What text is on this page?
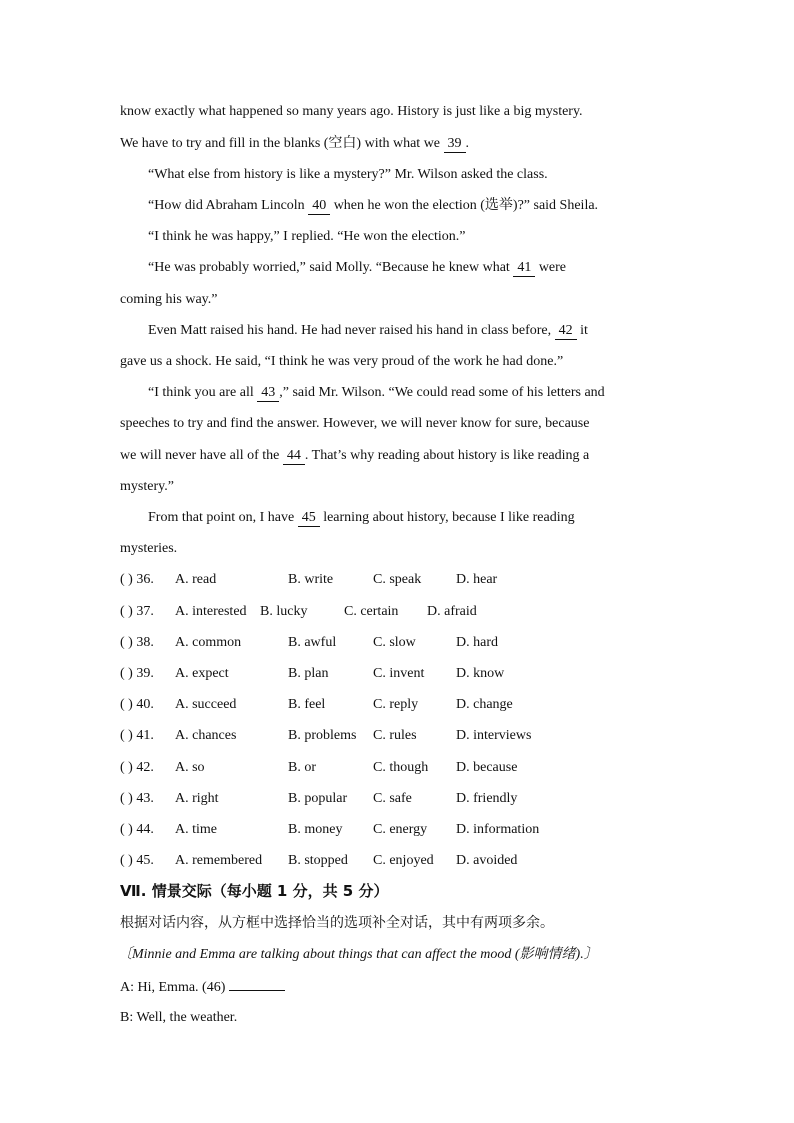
know exactly what happened so many years ago. History is just like a big mystery.
We have to try and fill in the blanks (空白) with what we 39 .
“What else from history is like a mystery?” Mr. Wilson asked the class.
“How did Abraham Lincoln 40 when he won the election (选举)?” said Sheila.
“I think he was happy,” I replied. “He won the election.”
“He was probably worried,” said Molly. “Because he knew what 41 were
coming his way.”
Even Matt raised his hand. He had never raised his hand in class before, 42 it
gave us a shock. He said, “I think he was very proud of the work he had done.”
“I think you are all 43 ,” said Mr. Wilson. “We could read some of his letters and
speeches to try and find the answer. However, we will never know for sure, because
we will never have all of the 44 . That’s why reading about history is like reading a
mystery.”
From that point on, I have 45 learning about history, because I like reading
mysteries.
( ) 36. A. read	B. write	C. speak D. hear
( ) 37. A. interested B. lucky	C. certain D. afraid
( ) 38. A. common	B. awful	C. slow	D. hard
( ) 39. A. expect	B. plan	C. invent D. know
( ) 40. A. succeed	B. feel	C. reply	D. change
( ) 41. A. chances	B. problems C. rules	D. interviews
( ) 42. A. so	B. or	C. though D. because
( ) 43. A. right	B. popular C. safe	D. friendly
( ) 44. A. time	B. money C. energy D. information
( ) 45. A. remembered B. stopped C. enjoyed D. avoided
Ⅶ. 情景交际（每小题 1 分，共 5 分）
根据对话内容，从方框中选择恰当的选项补全对话，其中有两项多余。
〔Minnie and Emma are talking about things that can affect the mood (影响情绪).〕
A: Hi, Emma. (46)
B: Well, the weather.
